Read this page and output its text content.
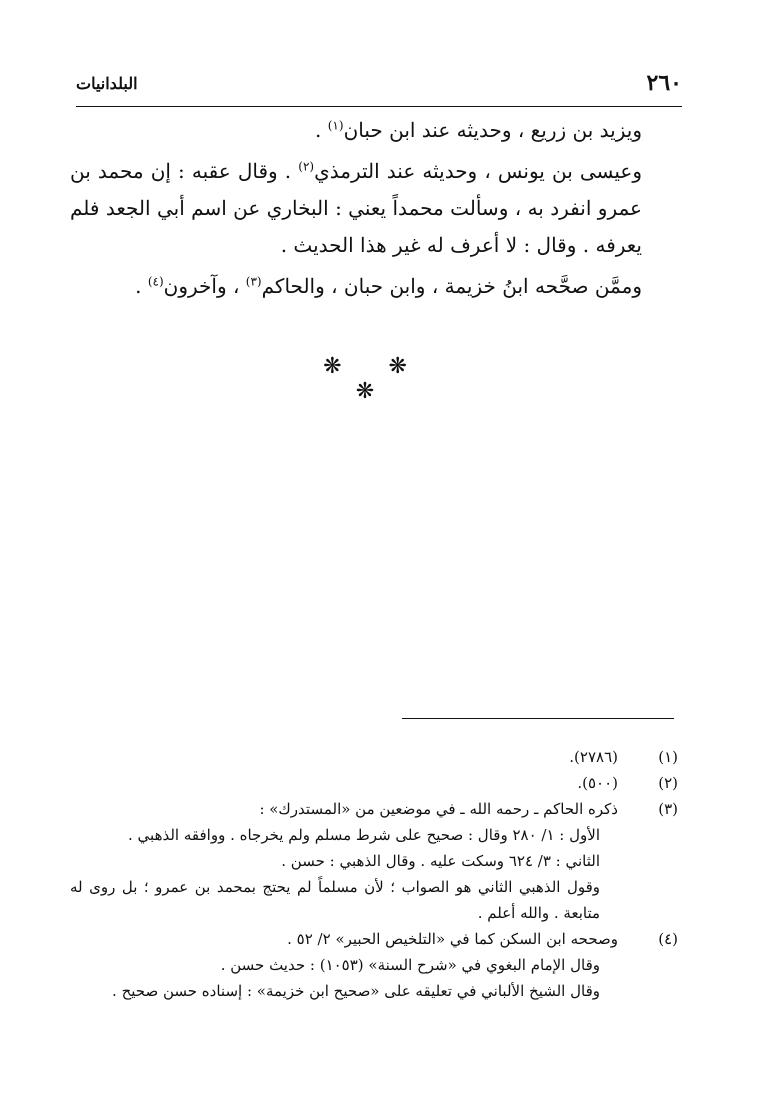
٢٦٠
البلدانيات

ويزيد بن زريع ، وحديثه عند ابن حبان$^{(١)}$ .

وعيسى بن يونس ، وحديثه عند الترمذي$^{(٢)}$ . وقال عقبه : إن محمد بن عمرو انفرد به ، وسألت محمداً يعني : البخاري عن اسم أبي الجعد فلم يعرفه . وقال : لا أعرف له غير هذا الحديث .

وممَّن صحَّحه ابنُ خزيمة ، وابن حبان ، والحاكم$^{(٣)}$ ، وآخرون$^{(٤)}$ .

❋ ❋ ❋
(١)
(٢٧٨٦).
(٢)
(٥٠٠).
(٣)
ذكره الحاكم ـ رحمه الله ـ في موضعين من «المستدرك» :
الأول : ١/ ٢٨٠ وقال : صحيح على شرط مسلم ولم يخرجاه . ووافقه الذهبي .
الثاني : ٣/ ٦٢٤ وسكت عليه . وقال الذهبي : حسن .
وقول الذهبي الثاني هو الصواب ؛ لأن مسلماً لم يحتج بمحمد بن عمرو ؛ بل روى له متابعة . والله أعلم .
(٤)
وصححه ابن السكن كما في «التلخيص الحبير» ٢/ ٥٢ .
وقال الإمام البغوي في «شرح السنة» (١٠٥٣) : حديث حسن .
وقال الشيخ الألباني في تعليقه على «صحيح ابن خزيمة» : إسناده حسن صحيح .
